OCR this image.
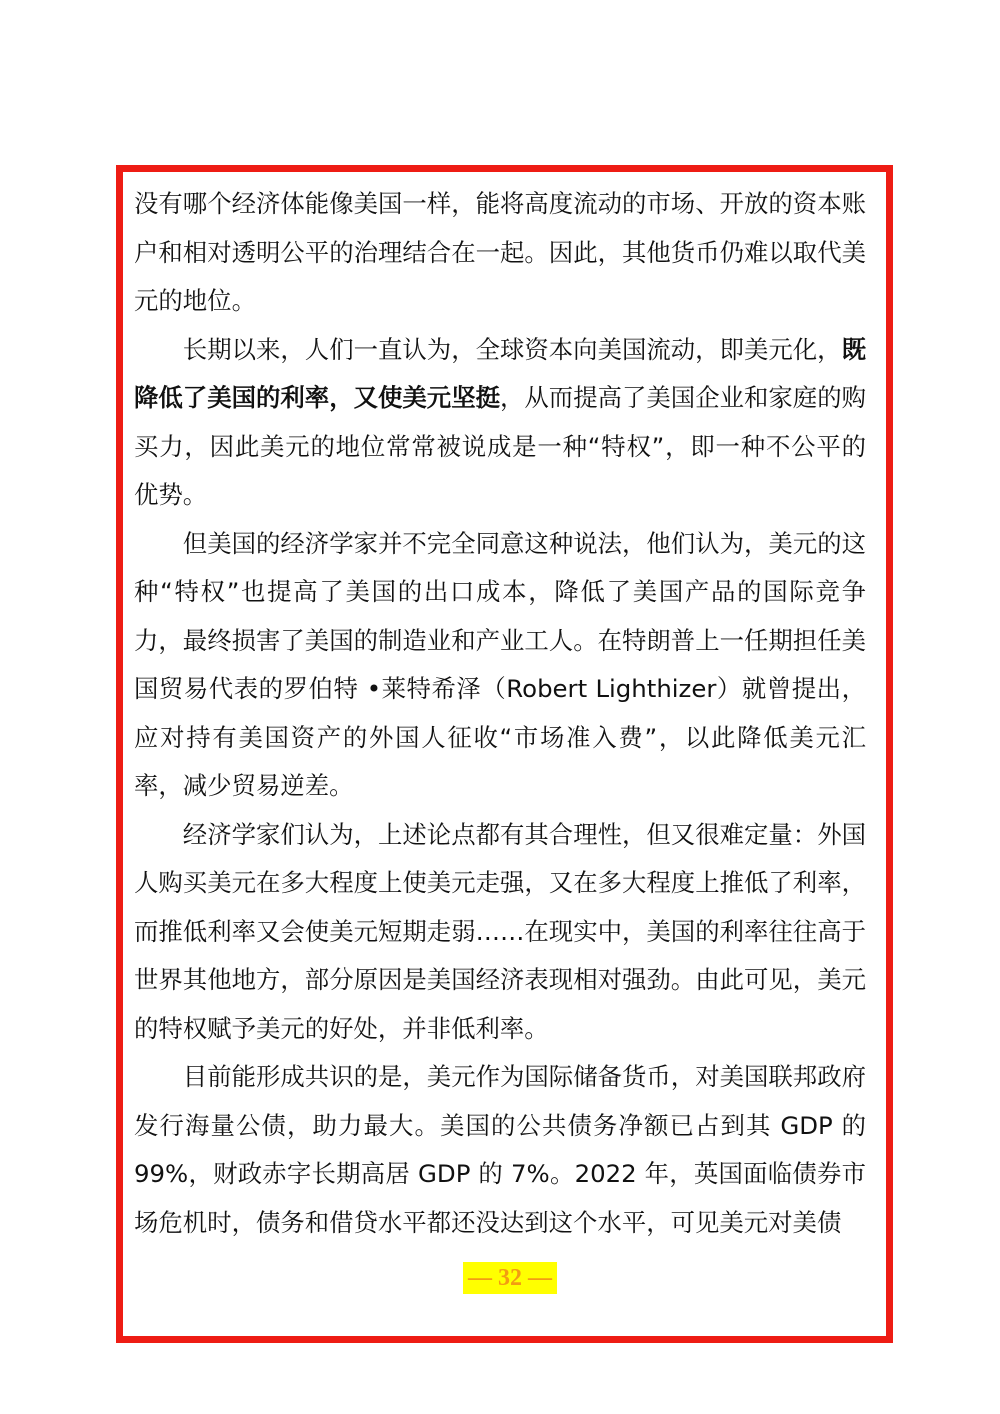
没有哪个经济体能像美国一样，能将高度流动的市场、开放的资本账户和相对透明公平的治理结合在一起。因此，其他货币仍难以取代美元的地位。

长期以来，人们一直认为，全球资本向美国流动，即美元化，既降低了美国的利率，又使美元坚挺，从而提高了美国企业和家庭的购买力，因此美元的地位常常被说成是一种“特权”，即一种不公平的优势。

但美国的经济学家并不完全同意这种说法，他们认为，美元的这种“特权”也提高了美国的出口成本，降低了美国产品的国际竞争力，最终损害了美国的制造业和产业工人。在特朗普上一任期担任美国贸易代表的罗伯特 •莱特希泽（Robert Lighthizer）就曾提出，应对持有美国资产的外国人征收“市场准入费”，以此降低美元汇率，减少贸易逆差。

经济学家们认为，上述论点都有其合理性，但又很难定量：外国人购买美元在多大程度上使美元走强，又在多大程度上推低了利率，而推低利率又会使美元短期走弱……在现实中，美国的利率往往高于世界其他地方，部分原因是美国经济表现相对强劲。由此可见，美元的特权赋予美元的好处，并非低利率。

目前能形成共识的是，美元作为国际储备货币，对美国联邦政府发行海量公债，助力最大。美国的公共债务净额已占到其 GDP 的 99%，财政赤字长期高居 GDP 的 7%。2022 年，英国面临债券市场危机时，债务和借贷水平都还没达到这个水平，可见美元对美债

— 32 —
